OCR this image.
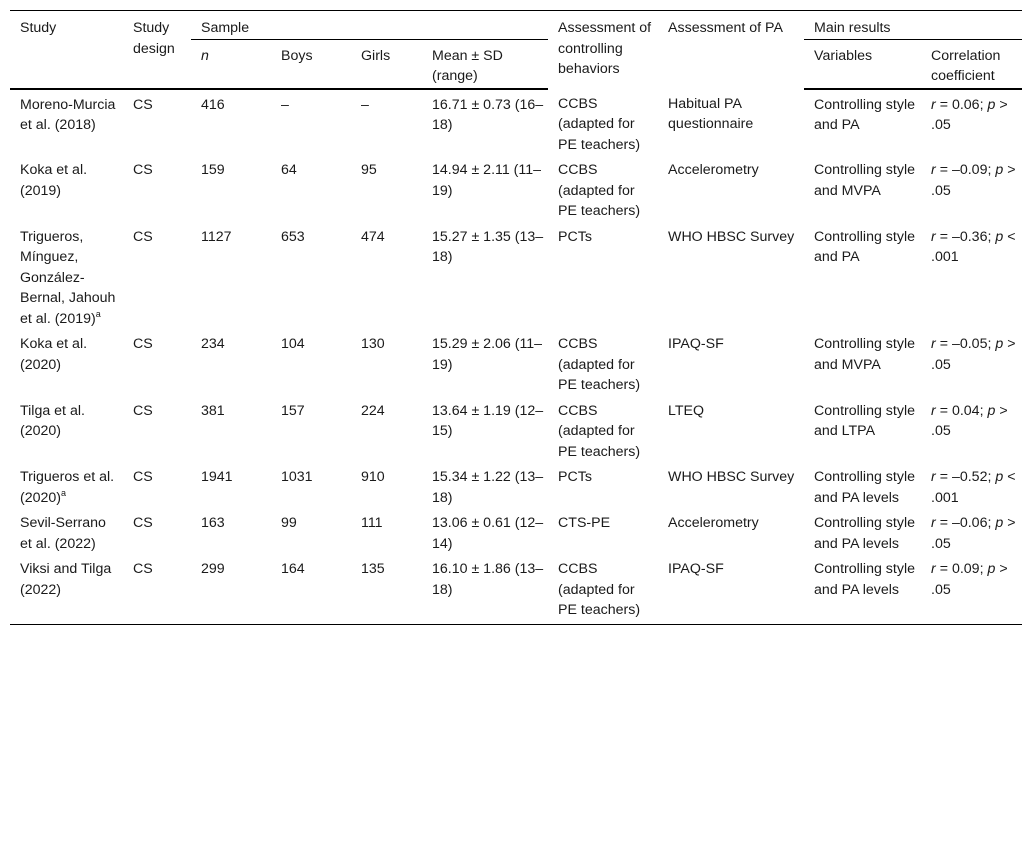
Study	Study design	Sample				Assessment of controlling behaviors	Assessment of PA	Main results	
		n	Boys	Girls	Mean ± SD (range)			Variables	Correlation coefficient
Moreno-Murcia et al. (2018)	CS	416	–	–	16.71 ± 0.73 (16–18)	CCBS (adapted for PE teachers)	Habitual PA questionnaire	Controlling style and PA	r = 0.06; p > .05
Koka et al. (2019)	CS	159	64	95	14.94 ± 2.11 (11–19)	CCBS (adapted for PE teachers)	Accelerometry	Controlling style and MVPA	r = –0.09; p > .05
Trigueros, Mínguez, González-Bernal, Jahouh et al. $(2019)^a$	CS	1127	653	474	15.27 ± 1.35 (13–18)	PCTs	WHO HBSC Survey	Controlling style and PA	r = –0.36; p < .001
Koka et al. (2020)	CS	234	104	130	15.29 ± 2.06 (11–19)	CCBS (adapted for PE teachers)	IPAQ-SF	Controlling style and MVPA	r = –0.05; p > .05
Tilga et al. (2020)	CS	381	157	224	13.64 ± 1.19 (12–15)	CCBS (adapted for PE teachers)	LTEQ	Controlling style and LTPA	r = 0.04; p > .05
Trigueros et al. $(2020)^a$	CS	1941	1031	910	15.34 ± 1.22 (13–18)	PCTs	WHO HBSC Survey	Controlling style and PA levels	r = –0.52; p < .001
Sevil-Serrano et al. (2022)	CS	163	99	111	13.06 ± 0.61 (12–14)	CTS-PE	Accelerometry	Controlling style and PA levels	r = –0.06; p > .05
Viksi and Tilga (2022)	CS	299	164	135	16.10 ± 1.86 (13–18)	CCBS (adapted for PE teachers)	IPAQ-SF	Controlling style and PA levels	r = 0.09; p > .05
